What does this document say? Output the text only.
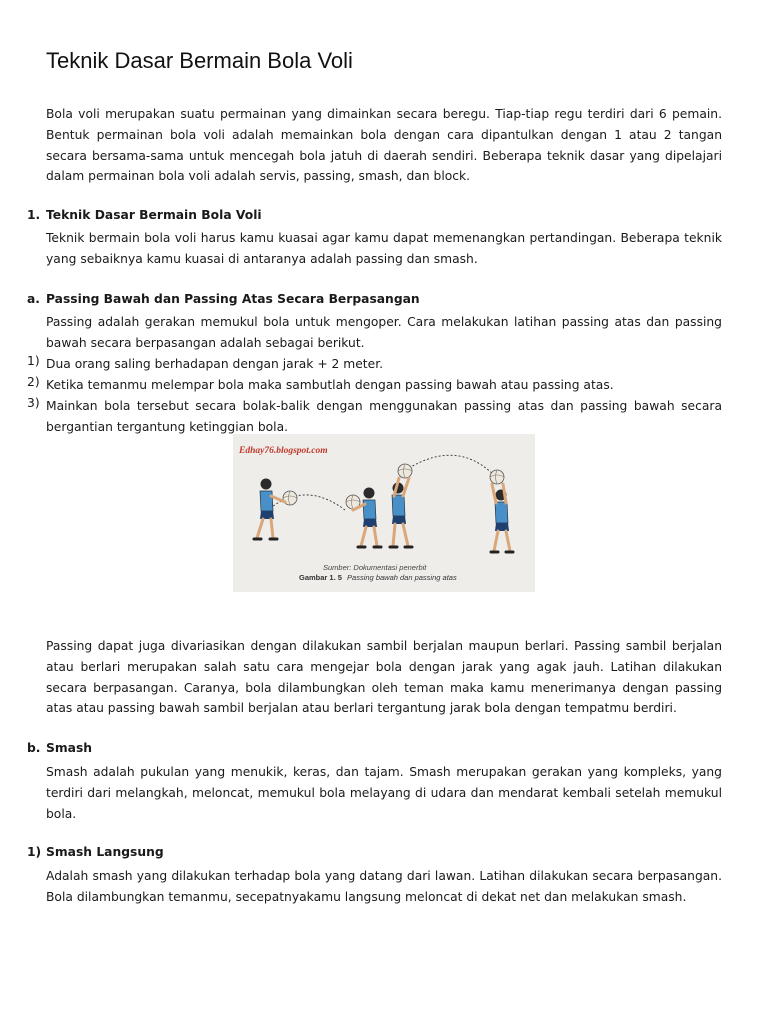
Teknik Dasar Bermain Bola Voli

Bola voli merupakan suatu permainan yang dimainkan secara beregu. Tiap-tiap regu terdiri dari 6 pemain. Bentuk permainan bola voli adalah memainkan bola dengan cara dipantulkan dengan 1 atau 2 tangan secara bersama-sama untuk mencegah bola jatuh di daerah sendiri. Beberapa teknik dasar yang dipelajari dalam permainan bola voli adalah servis, passing, smash, dan block.

1. Teknik Dasar Bermain Bola Voli

Teknik bermain bola voli harus kamu kuasai agar kamu dapat memenangkan pertandingan. Beberapa teknik yang sebaiknya kamu kuasai di antaranya adalah passing dan smash.

a. Passing Bawah dan Passing Atas Secara Berpasangan

Passing adalah gerakan memukul bola untuk mengoper. Cara melakukan latihan passing atas dan passing bawah secara berpasangan adalah sebagai berikut.

1) Dua orang saling berhadapan dengan jarak + 2 meter.

2) Ketika temanmu melempar bola maka sambutlah dengan passing bawah atau passing atas.

3) Mainkan bola tersebut secara bolak-balik dengan menggunakan passing atas dan passing bawah secara bergantian tergantung ketinggian bola.

Edhay76.blogspot.com
Sumber: Dokumentasi penerbit
Gambar 1. 5 Passing bawah dan passing atas

Passing dapat juga divariasikan dengan dilakukan sambil berjalan maupun berlari. Passing sambil berjalan atau berlari merupakan salah satu cara mengejar bola dengan jarak yang agak jauh. Latihan dilakukan secara berpasangan. Caranya, bola dilambungkan oleh teman maka kamu menerimanya dengan passing atas atau passing bawah sambil berjalan atau berlari tergantung jarak bola dengan tempatmu berdiri.

b. Smash

Smash adalah pukulan yang menukik, keras, dan tajam. Smash merupakan gerakan yang kompleks, yang terdiri dari melangkah, meloncat, memukul bola melayang di udara dan mendarat kembali setelah memukul bola.

1) Smash Langsung

Adalah smash yang dilakukan terhadap bola yang datang dari lawan. Latihan dilakukan secara berpasangan. Bola dilambungkan temanmu, secepatnyakamu langsung meloncat di dekat net dan melakukan smash.
